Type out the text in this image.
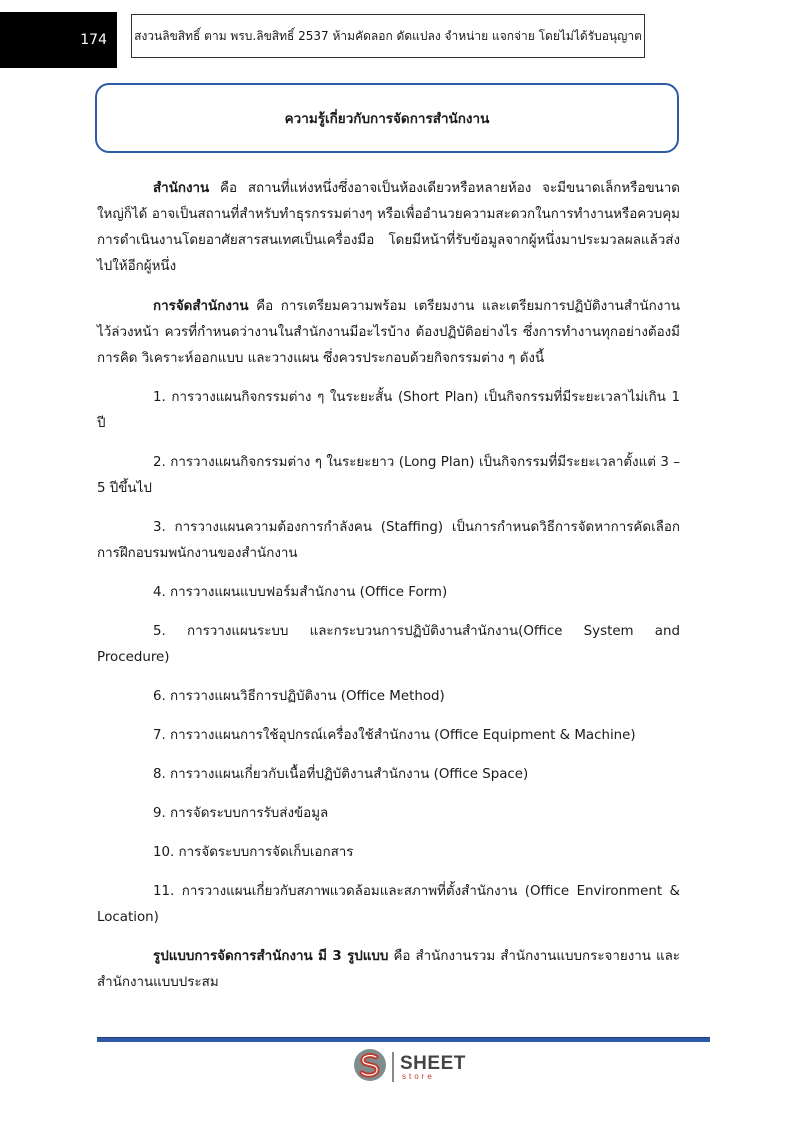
174 สงวนลิขสิทธิ์ ตาม พรบ.ลิขสิทธิ์ 2537 ห้ามคัดลอก ดัดแปลง จำหน่าย แจกจ่าย โดยไม่ได้รับอนุญาต
ความรู้เกี่ยวกับการจัดการสำนักงาน

สำนักงาน คือ สถานที่แห่งหนึ่งซึ่งอาจเป็นห้องเดียวหรือหลายห้อง จะมีขนาดเล็กหรือขนาดใหญ่ก็ได้ อาจเป็นสถานที่สำหรับทำธุรกรรมต่างๆ หรือเพื่ออำนวยความสะดวกในการทำงานหรือควบคุมการดำเนินงานโดยอาศัยสารสนเทศเป็นเครื่องมือ โดยมีหน้าที่รับข้อมูลจากผู้หนึ่งมาประมวลผลแล้วส่งไปให้อีกผู้หนึ่ง

การจัดสำนักงาน คือ การเตรียมความพร้อม เตรียมงาน และเตรียมการปฏิบัติงานสำนักงานไว้ล่วงหน้า ควรที่กำหนดว่างานในสำนักงานมีอะไรบ้าง ต้องปฏิบัติอย่างไร ซึ่งการทำงานทุกอย่างต้องมีการคิด วิเคราะห์ออกแบบ และวางแผน ซึ่งควรประกอบด้วยกิจกรรมต่าง ๆ ดังนี้

1. การวางแผนกิจกรรมต่าง ๆ ในระยะสั้น (Short Plan) เป็นกิจกรรมที่มีระยะเวลาไม่เกิน 1 ปี

2. การวางแผนกิจกรรมต่าง ๆ ในระยะยาว (Long Plan) เป็นกิจกรรมที่มีระยะเวลาตั้งแต่ 3 – 5 ปีขึ้นไป

3. การวางแผนความต้องการกำลังคน (Staffing) เป็นการกำหนดวิธีการจัดหาการคัดเลือก การฝึกอบรมพนักงานของสำนักงาน

4. การวางแผนแบบฟอร์มสำนักงาน (Office Form)

5. การวางแผนระบบ และกระบวนการปฏิบัติงานสำนักงาน(Office System and Procedure)

6. การวางแผนวิธีการปฏิบัติงาน (Office Method)

7. การวางแผนการใช้อุปกรณ์เครื่องใช้สำนักงาน (Office Equipment & Machine)

8. การวางแผนเกี่ยวกับเนื้อที่ปฏิบัติงานสำนักงาน (Office Space)

9. การจัดระบบการรับส่งข้อมูล

10. การจัดระบบการจัดเก็บเอกสาร

11. การวางแผนเกี่ยวกับสภาพแวดล้อมและสภาพที่ตั้งสำนักงาน (Office Environment & Location)

รูปแบบการจัดการสำนักงาน มี 3 รูปแบบ คือ สำนักงานรวม สำนักงานแบบกระจายงาน และสำนักงานแบบประสม

SHEET
store
